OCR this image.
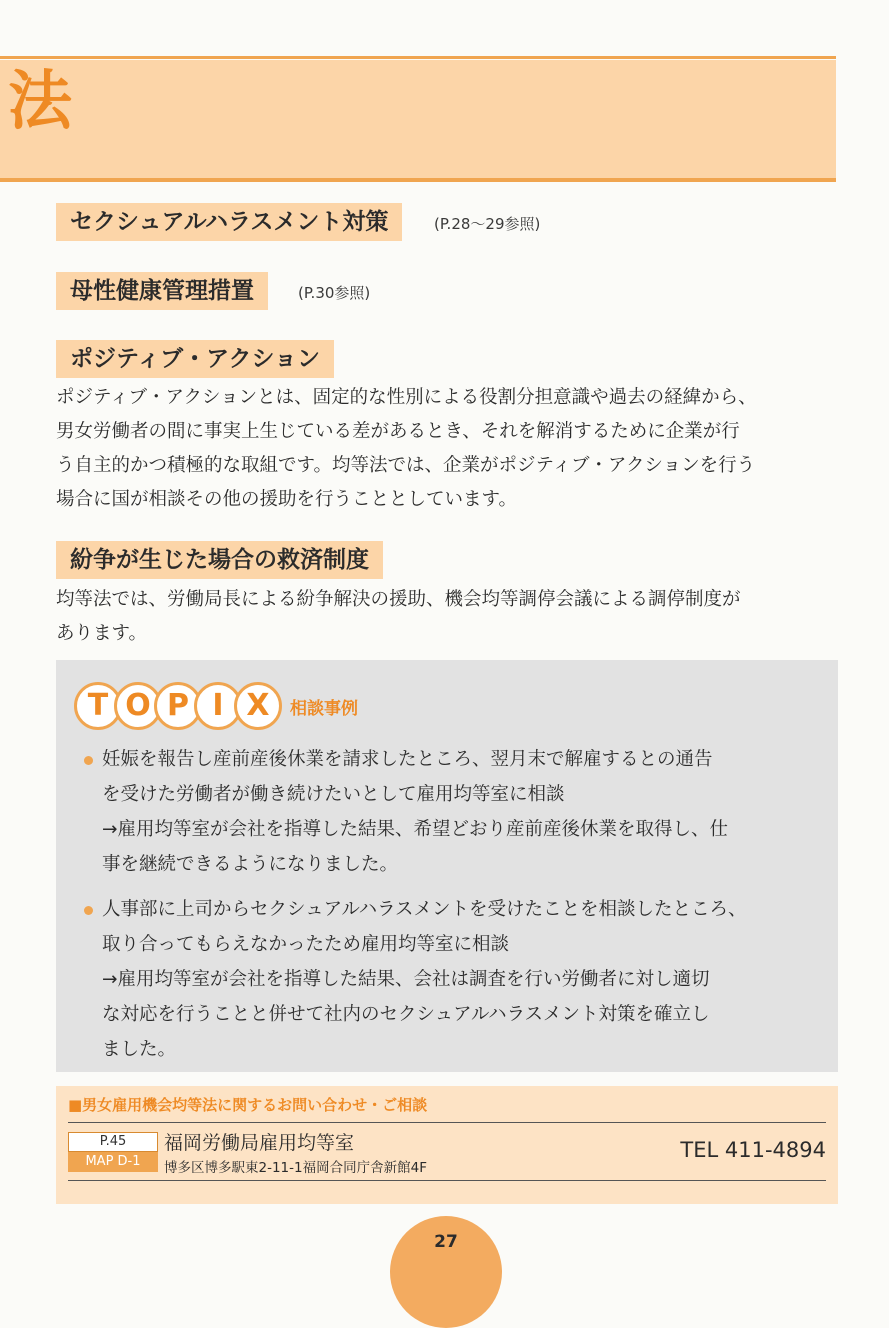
法
セクシュアルハラスメント対策	(P.28～29参照)
母性健康管理措置	(P.30参照)
ポジティブ・アクション

ポジティブ・アクションとは、固定的な性別による役割分担意識や過去の経緯から、

男女労働者の間に事実上生じている差があるとき、それを解消するために企業が行

う自主的かつ積極的な取組です。均等法では、企業がポジティブ・アクションを行う

場合に国が相談その他の援助を行うこととしています。

紛争が生じた場合の救済制度

均等法では、労働局長による紛争解決の援助、機会均等調停会議による調停制度が

あります。

T O P I X	相談事例

妊娠を報告し産前産後休業を請求したところ、翌月末で解雇するとの通告

を受けた労働者が働き続けたいとして雇用均等室に相談

→雇用均等室が会社を指導した結果、希望どおり産前産後休業を取得し、仕

事を継続できるようになりました。

人事部に上司からセクシュアルハラスメントを受けたことを相談したところ、

取り合ってもらえなかったため雇用均等室に相談

→雇用均等室が会社を指導した結果、会社は調査を行い労働者に対し適切

な対応を行うことと併せて社内のセクシュアルハラスメント対策を確立し

ました。

■男女雇用機会均等法に関するお問い合わせ・ご相談
P.45
MAP D-1
福岡労働局雇用均等室
博多区博多駅東2-11-1福岡合同庁舎新館4F
TEL 411-4894
27
